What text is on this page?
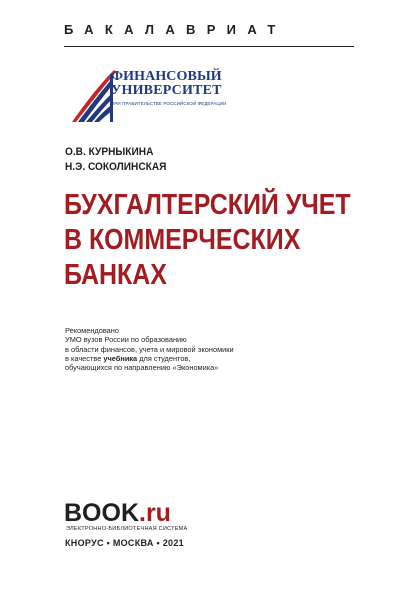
БАКАЛАВРИАТ
ФИНАНСОВЫЙ
УНИВЕРСИТЕТ
ПРИ ПРАВИТЕЛЬСТВЕ РОССИЙСКОЙ ФЕДЕРАЦИИ
О.В. КУРНЫКИНА
Н.Э. СОКОЛИНСКАЯ
БУХГАЛТЕРСКИЙ УЧЕТ
В КОММЕРЧЕСКИХ
БАНКАХ
Рекомендовано
УМО вузов России по образованию
в области финансов, учета и мировой экономики
в качестве учебника для студентов,
обучающихся по направлению «Экономика»
BOOK.ru
ЭЛЕКТРОННО-БИБЛИОТЕЧНАЯ СИСТЕМА
КНОРУС • МОСКВА • 2021
